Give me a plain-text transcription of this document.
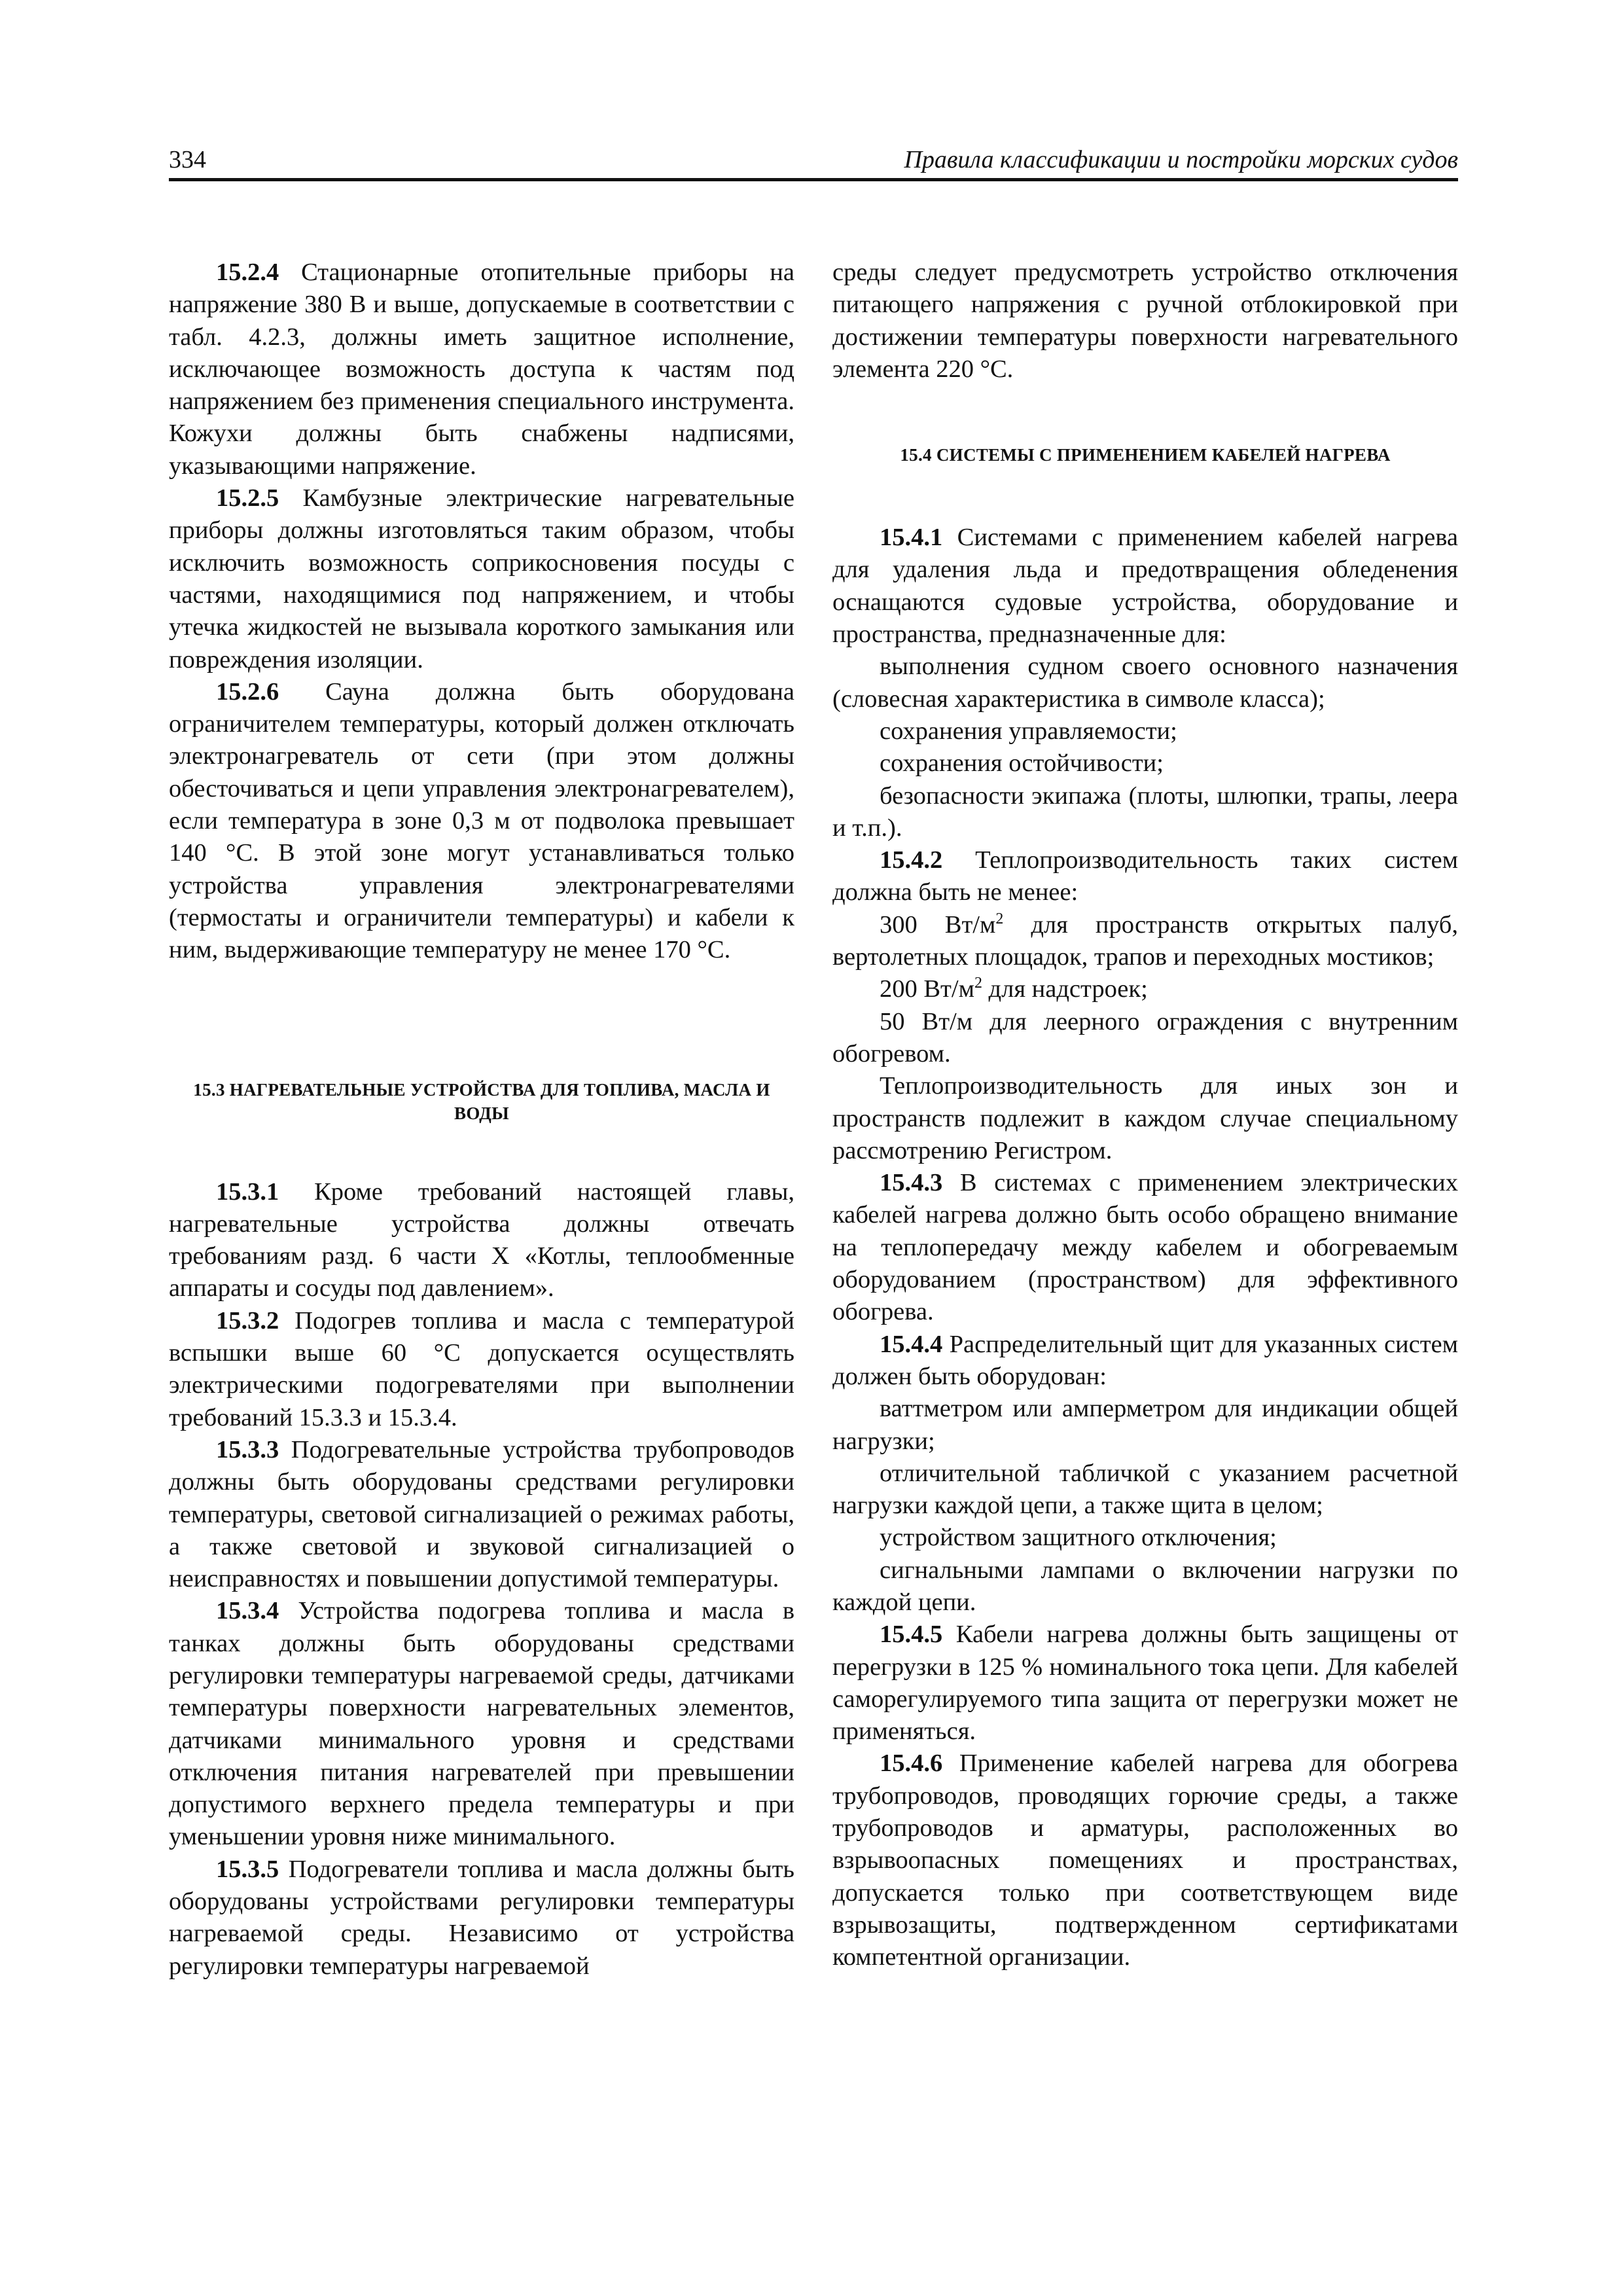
334	Правила классификации и постройки морских судов

15.2.4 Стационарные отопительные приборы на напряжение 380 В и выше, допускаемые в соответствии с табл. 4.2.3, должны иметь защитное исполнение, исключающее возможность доступа к частям под напряжением без применения специального инструмента. Кожухи должны быть снабжены надписями, указывающими напряжение.

15.2.5 Камбузные электрические нагревательные приборы должны изготовляться таким образом, чтобы исключить возможность соприкосновения посуды с частями, находящимися под напряжением, и чтобы утечка жидкостей не вызывала короткого замыкания или повреждения изоляции.

15.2.6 Сауна должна быть оборудована ограничителем температуры, который должен отключать электронагреватель от сети (при этом должны обесточиваться и цепи управления электронагревателем), если температура в зоне 0,3 м от подволока превышает 140 °С. В этой зоне могут устанавливаться только устройства управления электронагревателями (термостаты и ограничители температуры) и кабели к ним, выдерживающие температуру не менее 170 °С.

15.3 НАГРЕВАТЕЛЬНЫЕ УСТРОЙСТВА ДЛЯ ТОПЛИВА, МАСЛА И ВОДЫ

15.3.1 Кроме требований настоящей главы, нагревательные устройства должны отвечать требованиям разд. 6 части X «Котлы, теплообменные аппараты и сосуды под давлением».

15.3.2 Подогрев топлива и масла с температурой вспышки выше 60 °С допускается осуществлять электрическими подогревателями при выполнении требований 15.3.3 и 15.3.4.

15.3.3 Подогревательные устройства трубопроводов должны быть оборудованы средствами регулировки температуры, световой сигнализацией о режимах работы, а также световой и звуковой сигнализацией о неисправностях и повышении допустимой температуры.

15.3.4 Устройства подогрева топлива и масла в танках должны быть оборудованы средствами регулировки температуры нагреваемой среды, датчиками температуры поверхности нагревательных элементов, датчиками минимального уровня и средствами отключения питания нагревателей при превышении допустимого верхнего предела температуры и при уменьшении уровня ниже минимального.

15.3.5 Подогреватели топлива и масла должны быть оборудованы устройствами регулировки температуры нагреваемой среды. Независимо от устройства регулировки температуры нагреваемой

среды следует предусмотреть устройство отключения питающего напряжения с ручной отблокировкой при достижении температуры поверхности нагревательного элемента 220 °С.

15.4 СИСТЕМЫ С ПРИМЕНЕНИЕМ КАБЕЛЕЙ НАГРЕВА

15.4.1 Системами с применением кабелей нагрева для удаления льда и предотвращения обледенения оснащаются судовые устройства, оборудование и пространства, предназначенные для:

выполнения судном своего основного назначения (словесная характеристика в символе класса);

сохранения управляемости;

сохранения остойчивости;

безопасности экипажа (плоты, шлюпки, трапы, леера и т.п.).

15.4.2 Теплопроизводительность таких систем должна быть не менее:

300 $Вт/м^2$ для пространств открытых палуб, вертолетных площадок, трапов и переходных мостиков;

200 $Вт/м^2$ для надстроек;

50 Вт/м для леерного ограждения с внутренним обогревом.

Теплопроизводительность для иных зон и пространств подлежит в каждом случае специальному рассмотрению Регистром.

15.4.3 В системах с применением электрических кабелей нагрева должно быть особо обращено внимание на теплопередачу между кабелем и обогреваемым оборудованием (пространством) для эффективного обогрева.

15.4.4 Распределительный щит для указанных систем должен быть оборудован:

ваттметром или амперметром для индикации общей нагрузки;

отличительной табличкой с указанием расчетной нагрузки каждой цепи, а также щита в целом;

устройством защитного отключения;

сигнальными лампами о включении нагрузки по каждой цепи.

15.4.5 Кабели нагрева должны быть защищены от перегрузки в 125 % номинального тока цепи. Для кабелей саморегулируемого типа защита от перегрузки может не применяться.

15.4.6 Применение кабелей нагрева для обогрева трубопроводов, проводящих горючие среды, а также трубопроводов и арматуры, расположенных во взрывоопасных помещениях и пространствах, допускается только при соответствующем виде взрывозащиты, подтвержденном сертификатами компетентной организации.
